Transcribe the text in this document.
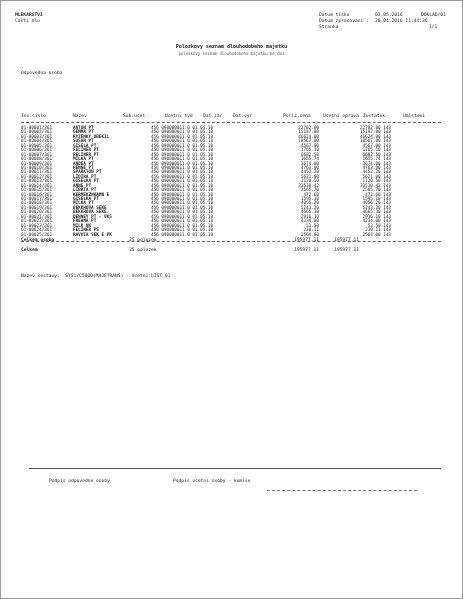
MLEKARSTVI
Casti mlu
Datum tisku	03.05.2016	DOKLAD/01
Datum zpracovani : 20.04.2016 11:44:36
Stranka	1/1
Polozkovy seznam dlouhodobeho majetku
polozkovy seznam dlouhodobeho majetku ke dni
Odpovedna osoba
Inv.cislo	Nazev	Sub.ucet	Ucetni tyd Dat.zar Dat.vyr	Poriz.cena	Ucetni oprava Zustatek	Umisteni
01-00001/361	ANTON PT	456 090000011 0 01.05.10	22702.00	22702.00 143
01-00002/361	GEMMA PT	456 090000011 0 01.05.10	15197.00	15197.00 143
01-00003/361	RYZENKY OBEKIL	456 090000011 0 01.05.10	46624.00	46624.00 143
01-00004/361	SUSAN PT	456 090000011 0 01.05.10	18567.00	18567.00 143
01-00005/361	GISELA PT	456 090000011 0 01.05.10	4567.00	4567.00 143
01-00006/361	FELINER PT	456 090000011 0 01.05.10	1765.10	1765.10 143
01-00007/361	RELINER PT	456 090000011 0 01.05.10	6682.50	6682.50 143
01-00008/361	MILKA PT	456 090000011 0 01.05.10	1655.74	1655.74 143
01-00009/361	ANDEA PT	456 090000011 0 01.05.10	3674.00	3674.00 143
01-00010/361	HENNE PT	456 090000011 0 01.05.10	4763.00	4763.00 143
01-00011/361	SPARKTON PT	456 090000011 0 01.05.10	4452.20	4452.20 143
01-00012/361	LIDIRA PT	456 090000011 0 01.05.10	5621.00	5621.00 143
01-00013/361	GISELKA PT	456 090000011 0 01.05.10	1120.50	1120.50 143
01-00014/361	ANNE PT	456 090000011 0 01.05.10	33530.42	33530.42 143
01-00015/361	LIBRTA PT	456 090000011 0 01.05.10	2565.70	2565.70 143
01-00016/361	KERMEKZNKAMN E	456 090000011 0 01.05.10	472.60	472.60 143
01-00017/361	GISELKA PT	456 090000011 0 01.05.10	1595.10	1595.10 143
01-00018/361	MILKA PT	456 090000011 0 01.05.10	4056.20	4056.20 143
01-00019/361	BEKKHOVA SEKE	456 090000011 0 01.05.10	5243.20	5243.20 143
01-00020/361	BEKKHOVA SEKE	456 090000011 0 01.05.10	4665.30	4665.30 143
01-00021/361	DENNEY PT - VKS	456 090000011 0 01.05.10	2916.10	2916.10 143
01-00022/361	FREAMA PT	456 090000011 0 01.05.10	4234.00	4234.00 143
01-00023/361	MILK NK	456 090000011 0 01.05.10	53.50	53.50 143
01-00024/361	FELINER PS	456 090000011 0 01.05.10	230.11	230.11 143
01-00025/361	RAVVIA SEK E PK	456 090000011 0 01.05.10	2564.00	2564.00 143
Celkem osoba	25 polozek	195977.11	195977.11
Celkem	25 polozek	195977.11	195977.11
Nazev sestavy:  SYS1/C5000(MAJETRANS) - Ucetni:LIST_01
Podpis odpovedne osoby	Podpis ucetni osoby - komise
